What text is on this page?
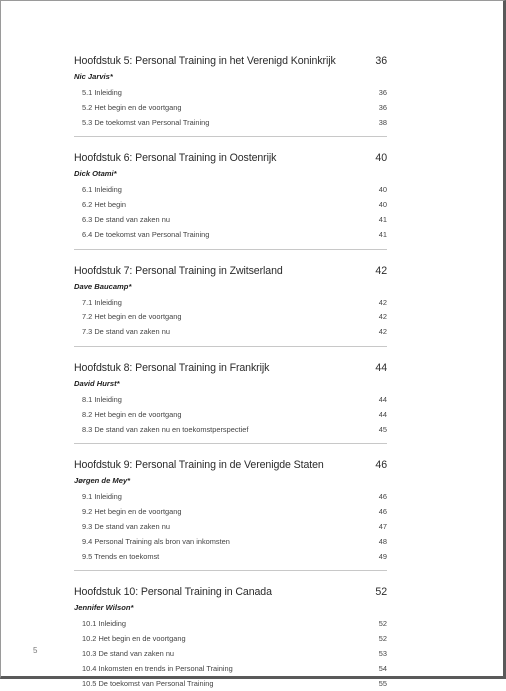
Hoofdstuk 5: Personal Training in het Verenigd Koninkrijk	36
Nic Jarvis*
5.1 Inleiding	36
5.2 Het begin en de voortgang	36
5.3 De toekomst van Personal Training	38
Hoofdstuk 6: Personal Training in Oostenrijk	40
Dick Otami*
6.1 Inleiding	40
6.2 Het begin	40
6.3 De stand van zaken nu	41
6.4 De toekomst van Personal Training	41
Hoofdstuk 7: Personal Training in Zwitserland	42
Dave Baucamp*
7.1 Inleiding	42
7.2 Het begin en de voortgang	42
7.3 De stand van zaken nu	42
Hoofdstuk 8: Personal Training in Frankrijk	44
David Hurst*
8.1 Inleiding	44
8.2 Het begin en de voortgang	44
8.3 De stand van zaken nu en toekomstperspectief	45
Hoofdstuk 9: Personal Training in de Verenigde Staten	46
Jørgen de Mey*
9.1 Inleiding	46
9.2 Het begin en de voortgang	46
9.3 De stand van zaken nu	47
9.4 Personal Training als bron van inkomsten	48
9.5 Trends en toekomst	49
Hoofdstuk 10: Personal Training in Canada	52
Jennifer Wilson*
10.1 Inleiding	52
10.2 Het begin en de voortgang	52
10.3 De stand van zaken nu	53
10.4 Inkomsten en trends in Personal Training	54
10.5 De toekomst van Personal Training	55
5
